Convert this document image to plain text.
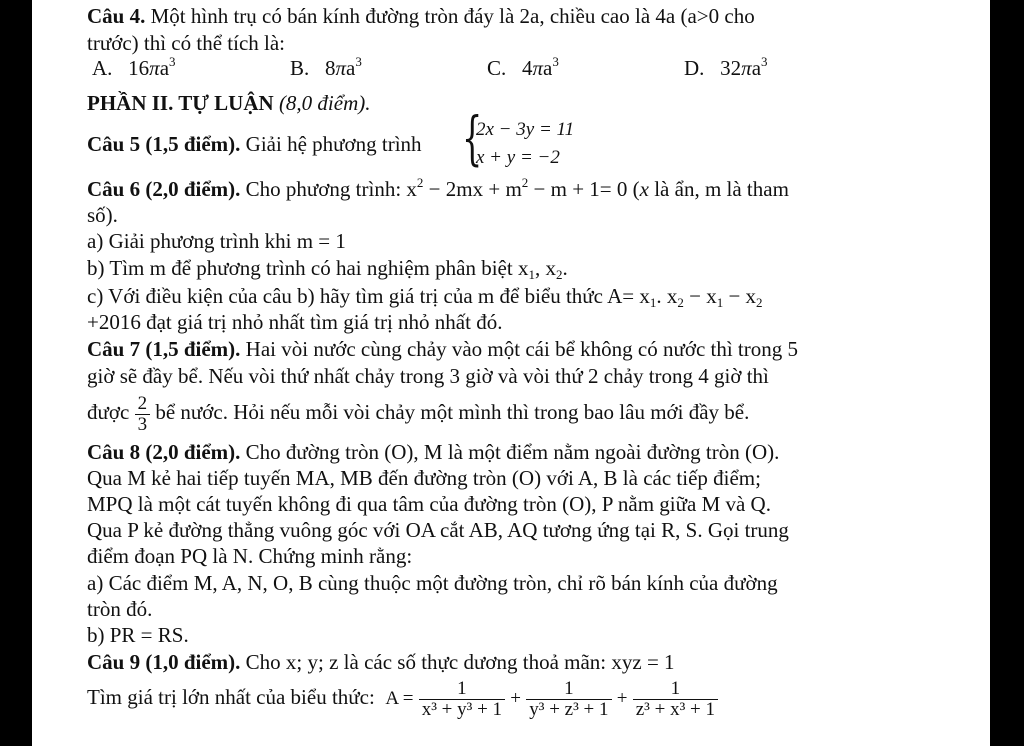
Câu 4. Một hình trụ có bán kính đường tròn đáy là 2a, chiều cao là 4a (a>0 cho
trước) thì có thể tích là:
A. $16\pi a^3$	B. $8\pi a^3$	C. $4\pi a^3$	D. $32\pi a^3$
PHẦN II. TỰ LUẬN (8,0 điểm).
Câu 5 (1,5 điểm). Giải hệ phương trình {
2x − 3y = 11
x + y = −2
Câu 6 (2,0 điểm). Cho phương trình: $x^2 - 2mx + m^2 - m + 1= 0$ (x là ẩn, m là tham
số).
a) Giải phương trình khi m = 1
b) Tìm m để phương trình có hai nghiệm phân biệt $x_1$, $x_2$.
c) Với điều kiện của câu b) hãy tìm giá trị của m để biểu thức $A= x_1$. $x_2 - x_1 - x_2$
+2016 đạt giá trị nhỏ nhất tìm giá trị nhỏ nhất đó.
Câu 7 (1,5 điểm). Hai vòi nước cùng chảy vào một cái bể không có nước thì trong 5
giờ sẽ đầy bể. Nếu vòi thứ nhất chảy trong 3 giờ và vòi thứ 2 chảy trong 4 giờ thì
được $\frac{2}{3}$ bể nước. Hỏi nếu mỗi vòi chảy một mình thì trong bao lâu mới đầy bể.
Câu 8 (2,0 điểm). Cho đường tròn (O), M là một điểm nằm ngoài đường tròn (O).
Qua M kẻ hai tiếp tuyến MA, MB đến đường tròn (O) với A, B là các tiếp điểm;
MPQ là một cát tuyến không đi qua tâm của đường tròn (O), P nằm giữa M và Q.
Qua P kẻ đường thẳng vuông góc với OA cắt AB, AQ tương ứng tại R, S. Gọi trung
điểm đoạn PQ là N. Chứng minh rằng:
a) Các điểm M, A, N, O, B cùng thuộc một đường tròn, chỉ rõ bán kính của đường
tròn đó.
b) PR = RS.
Câu 9 (1,0 điểm). Cho x; y; z là các số thực dương thoả mãn: xyz = 1
Tìm giá trị lớn nhất của biểu thức: $A = \frac{1}{\text{x³ + y³ + 1}} + \frac{1}{\text{y³ + z³ + 1}} + \frac{1}{\text{z³ + x³ + 1}}$
